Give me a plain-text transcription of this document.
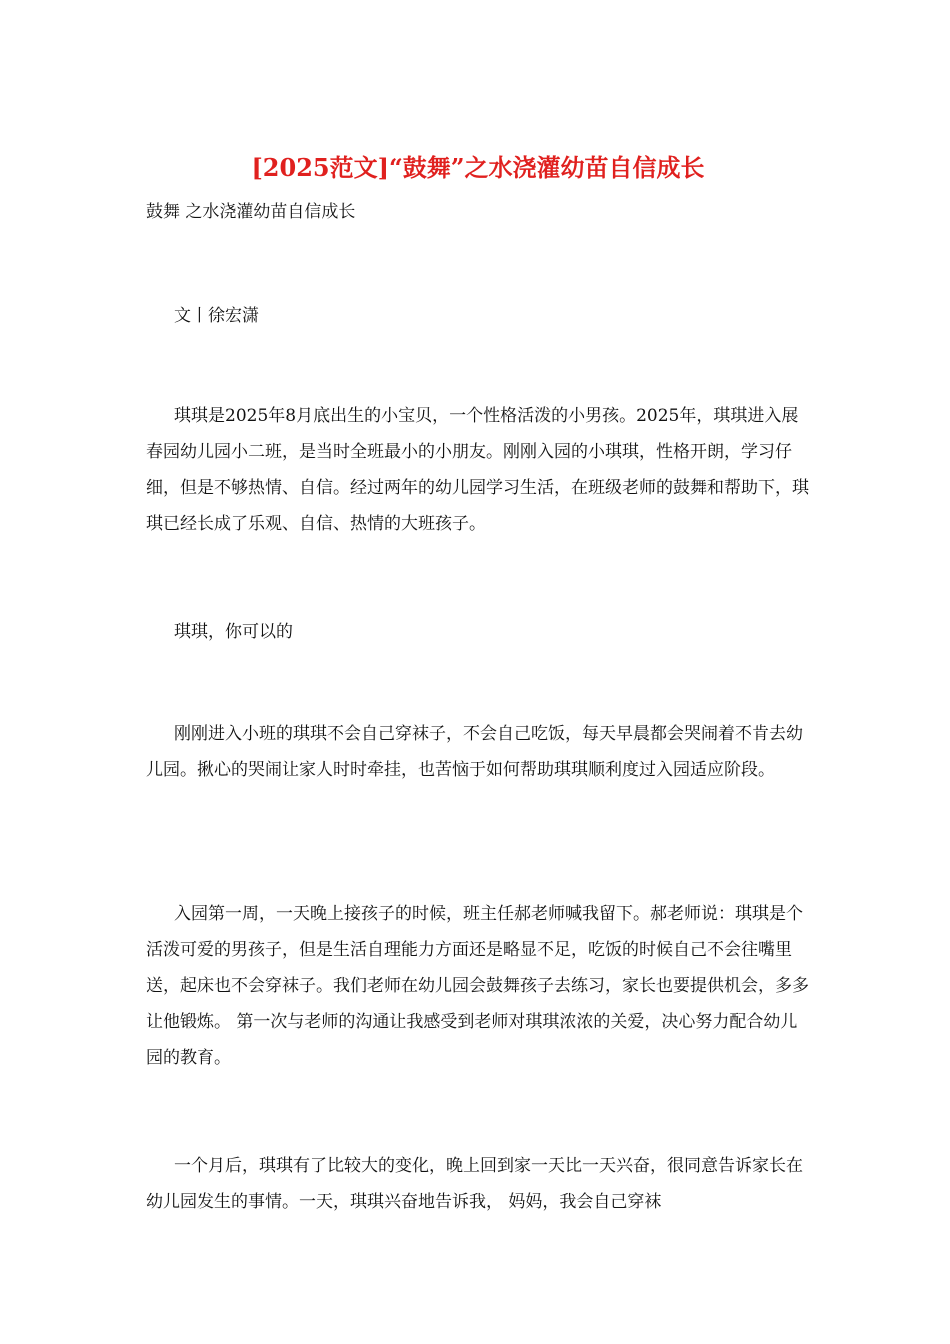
[2025范文]“鼓舞”之水浇灌幼苗自信成长
鼓舞 之水浇灌幼苗自信成长

文丨徐宏潇

琪琪是2025年8月底出生的小宝贝，一个性格活泼的小男孩。2025年，琪琪进入展春园幼儿园小二班，是当时全班最小的小朋友。刚刚入园的小琪琪，性格开朗，学习仔细，但是不够热情、自信。经过两年的幼儿园学习生活，在班级老师的鼓舞和帮助下，琪琪已经长成了乐观、自信、热情的大班孩子。

琪琪，你可以的

刚刚进入小班的琪琪不会自己穿袜子，不会自己吃饭，每天早晨都会哭闹着不肯去幼儿园。揪心的哭闹让家人时时牵挂，也苦恼于如何帮助琪琪顺利度过入园适应阶段。

入园第一周，一天晚上接孩子的时候，班主任郝老师喊我留下。郝老师说：琪琪是个活泼可爱的男孩子，但是生活自理能力方面还是略显不足，吃饭的时候自己不会往嘴里送，起床也不会穿袜子。我们老师在幼儿园会鼓舞孩子去练习，家长也要提供机会，多多让他锻炼。 第一次与老师的沟通让我感受到老师对琪琪浓浓的关爱，决心努力配合幼儿园的教育。

一个月后，琪琪有了比较大的变化，晚上回到家一天比一天兴奋，很同意告诉家长在幼儿园发生的事情。一天，琪琪兴奋地告诉我， 妈妈，我会自己穿袜
